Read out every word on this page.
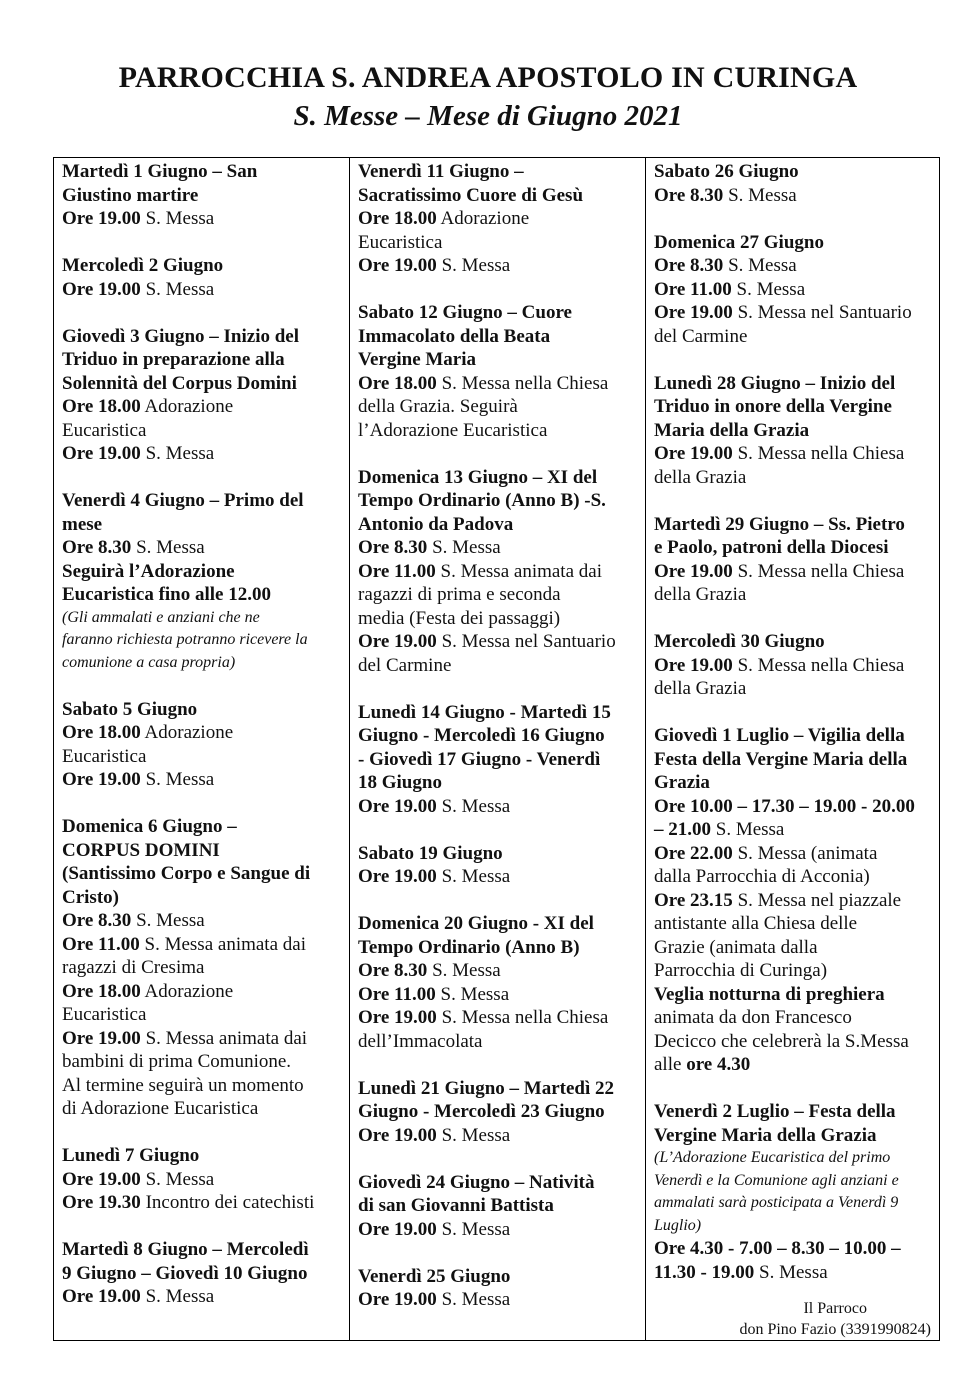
PARROCCHIA S. ANDREA APOSTOLO IN CURINGA
S. Messe – Mese di Giugno 2021
Martedì 1 Giugno – San
Giustino martire
Ore 19.00 S. Messa
Mercoledì 2 Giugno
Ore 19.00 S. Messa
Giovedì 3 Giugno – Inizio del
Triduo in preparazione alla
Solennità del Corpus Domini
Ore 18.00 Adorazione
Eucaristica
Ore 19.00 S. Messa
Venerdì 4 Giugno – Primo del
mese
Ore 8.30 S. Messa
Seguirà l’Adorazione
Eucaristica fino alle 12.00
(Gli ammalati e anziani che ne
faranno richiesta potranno ricevere la
comunione a casa propria)
Sabato 5 Giugno
Ore 18.00 Adorazione
Eucaristica
Ore 19.00 S. Messa
Domenica 6 Giugno –
CORPUS DOMINI
(Santissimo Corpo e Sangue di
Cristo)
Ore 8.30 S. Messa
Ore 11.00 S. Messa animata dai
ragazzi di Cresima
Ore 18.00 Adorazione
Eucaristica
Ore 19.00 S. Messa animata dai
bambini di prima Comunione.
Al termine seguirà un momento
di Adorazione Eucaristica
Lunedì 7 Giugno
Ore 19.00 S. Messa
Ore 19.30 Incontro dei catechisti
Martedì 8 Giugno – Mercoledì
9 Giugno – Giovedì 10 Giugno
Ore 19.00 S. Messa
Venerdì 11 Giugno –
Sacratissimo Cuore di Gesù
Ore 18.00 Adorazione
Eucaristica
Ore 19.00 S. Messa
Sabato 12 Giugno – Cuore
Immacolato della Beata
Vergine Maria
Ore 18.00 S. Messa nella Chiesa
della Grazia. Seguirà
l’Adorazione Eucaristica
Domenica 13 Giugno – XI del
Tempo Ordinario (Anno B) -S.
Antonio da Padova
Ore 8.30 S. Messa
Ore 11.00 S. Messa animata dai
ragazzi di prima e seconda
media (Festa dei passaggi)
Ore 19.00 S. Messa nel Santuario
del Carmine
Lunedì 14 Giugno - Martedì 15
Giugno - Mercoledì 16 Giugno
- Giovedì 17 Giugno - Venerdì
18 Giugno
Ore 19.00 S. Messa
Sabato 19 Giugno
Ore 19.00 S. Messa
Domenica 20 Giugno - XI del
Tempo Ordinario (Anno B)
Ore 8.30 S. Messa
Ore 11.00 S. Messa
Ore 19.00 S. Messa nella Chiesa
dell’Immacolata
Lunedì 21 Giugno – Martedì 22
Giugno - Mercoledì 23 Giugno
Ore 19.00 S. Messa
Giovedì 24 Giugno – Natività
di san Giovanni Battista
Ore 19.00 S. Messa
Venerdì 25 Giugno
Ore 19.00 S. Messa
Sabato 26 Giugno
Ore 8.30 S. Messa
Domenica 27 Giugno
Ore 8.30 S. Messa
Ore 11.00 S. Messa
Ore 19.00 S. Messa nel Santuario
del Carmine
Lunedì 28 Giugno – Inizio del
Triduo in onore della Vergine
Maria della Grazia
Ore 19.00 S. Messa nella Chiesa
della Grazia
Martedì 29 Giugno – Ss. Pietro
e Paolo, patroni della Diocesi
Ore 19.00 S. Messa nella Chiesa
della Grazia
Mercoledì 30 Giugno
Ore 19.00 S. Messa nella Chiesa
della Grazia
Giovedì 1 Luglio – Vigilia della
Festa della Vergine Maria della
Grazia
Ore 10.00 – 17.30 – 19.00 - 20.00
– 21.00 S. Messa
Ore 22.00 S. Messa (animata
dalla Parrocchia di Acconia)
Ore 23.15 S. Messa nel piazzale
antistante alla Chiesa delle
Grazie (animata dalla
Parrocchia di Curinga)
Veglia notturna di preghiera
animata da don Francesco
Decicco che celebrerà la S.Messa
alle ore 4.30
Venerdì 2 Luglio – Festa della
Vergine Maria della Grazia
(L’Adorazione Eucaristica del primo
Venerdì e la Comunione agli anziani e
ammalati sarà posticipata a Venerdì 9
Luglio)
Ore 4.30 - 7.00 – 8.30 – 10.00 –
11.30 - 19.00 S. Messa
Il Parroco
don Pino Fazio (3391990824)
